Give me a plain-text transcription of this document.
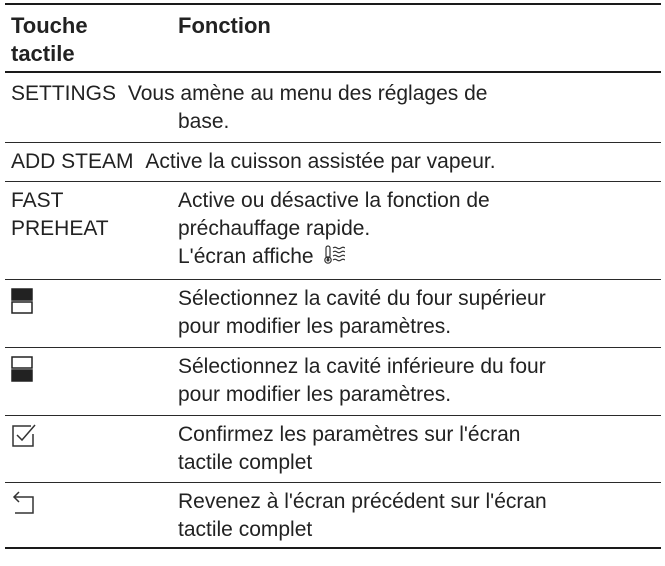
Touche
tactile
Fonction
SETTINGS Vous amène au menu des réglages de
base.
ADD STEAM Active la cuisson assistée par vapeur.
FAST
PREHEAT
Active ou désactive la fonction de
préchauffage rapide.
L'écran affiche
Sélectionnez la cavité du four supérieur
pour modifier les paramètres.
Sélectionnez la cavité inférieure du four
pour modifier les paramètres.
Confirmez les paramètres sur l'écran
tactile complet
Revenez à l'écran précédent sur l'écran
tactile complet
